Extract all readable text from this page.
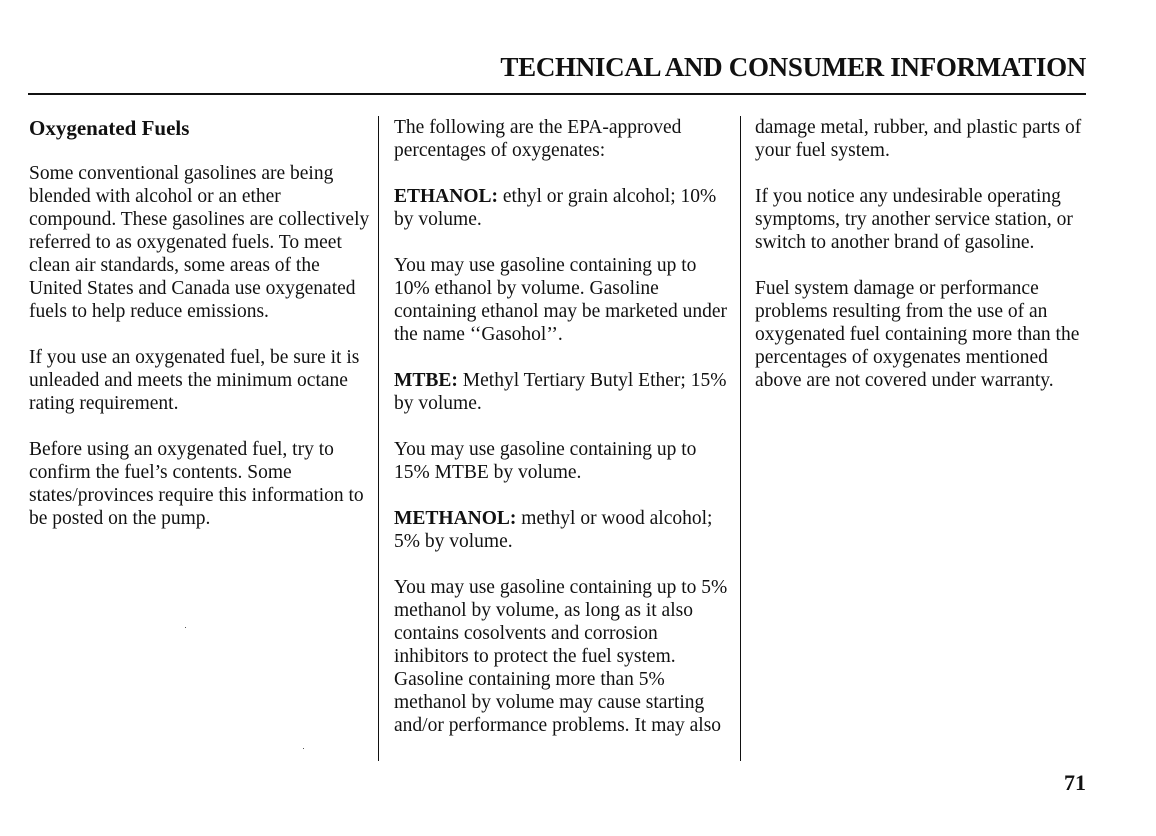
TECHNICAL AND CONSUMER INFORMATION
Oxygenated Fuels

Some conventional gasolines are being blended with alcohol or an ether compound. These gasolines are collectively referred to as oxygenated fuels. To meet clean air standards, some areas of the United States and Canada use oxygenated fuels to help reduce emissions.

If you use an oxygenated fuel, be sure it is unleaded and meets the minimum octane rating requirement.

Before using an oxygenated fuel, try to confirm the fuel’s contents. Some states/provinces require this information to be posted on the pump.

The following are the EPA-approved percentages of oxygenates:

ETHANOL: ethyl or grain alcohol; 10% by volume.

You may use gasoline containing up to 10% ethanol by volume. Gasoline containing ethanol may be marketed under the name ‘‘Gasohol’’.

MTBE: Methyl Tertiary Butyl Ether; 15% by volume.

You may use gasoline containing up to 15% MTBE by volume.

METHANOL: methyl or wood alcohol; 5% by volume.

You may use gasoline containing up to 5% methanol by volume, as long as it also contains cosolvents and corrosion inhibitors to protect the fuel system. Gasoline containing more than 5% methanol by volume may cause starting and/or performance problems. It may also

damage metal, rubber, and plastic parts of your fuel system.

If you notice any undesirable operating symptoms, try another service station, or switch to another brand of gasoline.

Fuel system damage or performance problems resulting from the use of an oxygenated fuel containing more than the percentages of oxygenates mentioned above are not covered under warranty.

71
